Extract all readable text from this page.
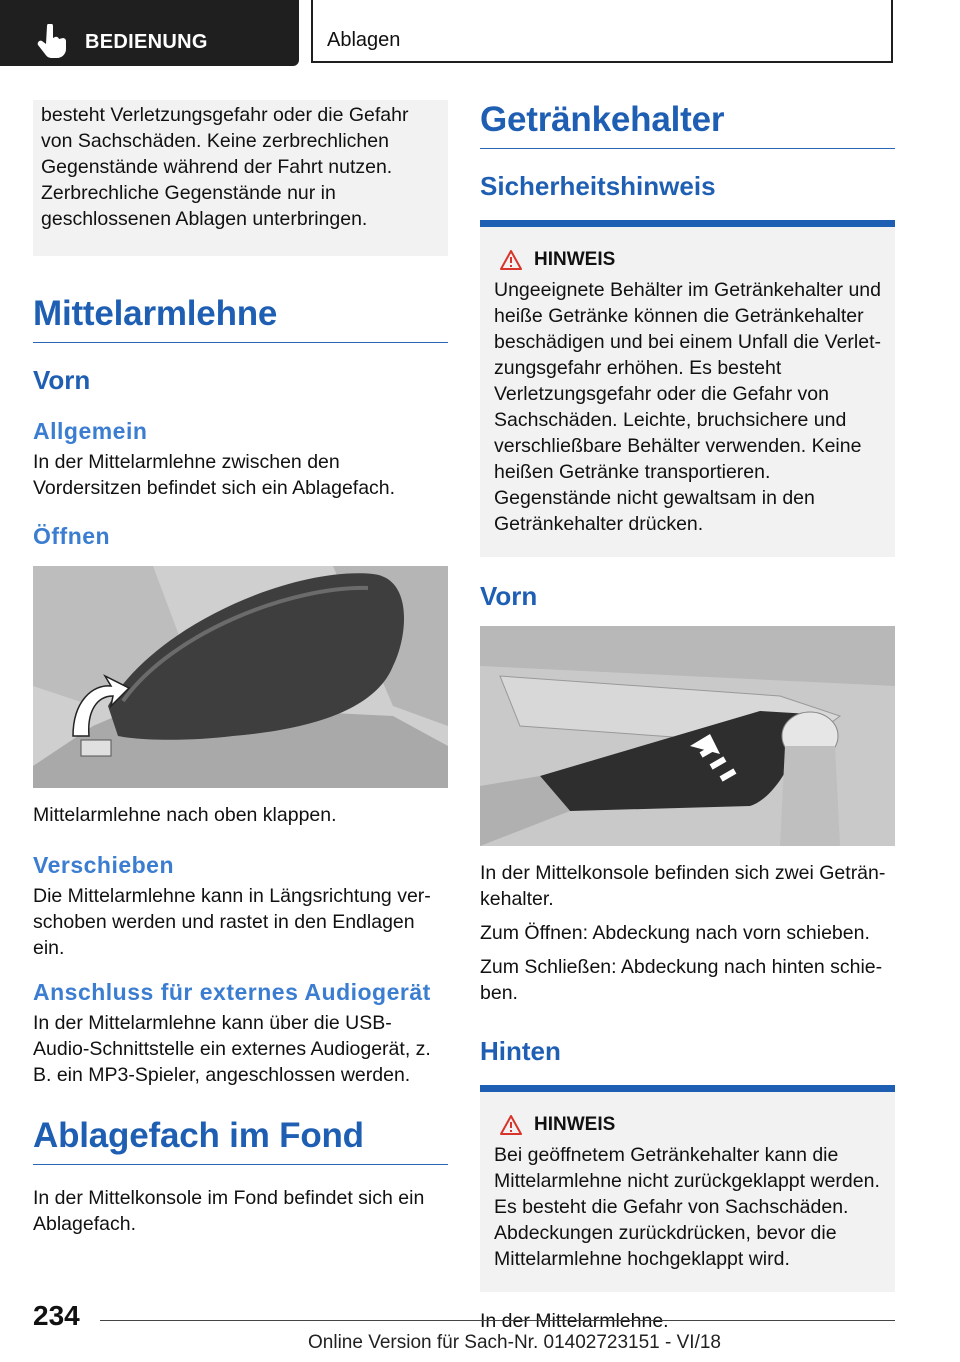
BEDIENUNG	Ablagen
besteht Verletzungsgefahr oder die Gefahr von Sachschäden. Keine zerbrechlichen Gegenstände während der Fahrt nutzen. Zerbrechliche Gegenstände nur in geschlossenen Ablagen unterbringen.
Mittelarmlehne
Vorn
Allgemein

In der Mittelarmlehne zwischen den Vordersitzen befindet sich ein Ablagefach.

Öffnen

Mittelarmlehne nach oben klappen.

Verschieben

Die Mittelarmlehne kann in Längsrichtung verschoben werden und rastet in den Endlagen ein.

Anschluss für externes Audiogerät

In der Mittelarmlehne kann über die USB-Audio-Schnittstelle ein externes Audiogerät, z. B. ein MP3-Spieler, angeschlossen werden.

Ablagefach im Fond

In der Mittelkonsole im Fond befindet sich ein Ablagefach.

Getränkehalter
Sicherheitshinweis
HINWEIS
Ungeeignete Behälter im Getränkehalter und heiße Getränke können die Getränkehalter beschädigen und bei einem Unfall die Verletzungsgefahr erhöhen. Es besteht Verletzungsgefahr oder die Gefahr von Sachschäden. Leichte, bruchsichere und verschließbare Behälter verwenden. Keine heißen Getränke transportieren. Gegenstände nicht gewaltsam in den Getränkehalter drücken.
Vorn

In der Mittelkonsole befinden sich zwei Getränkehalter.

Zum Öffnen: Abdeckung nach vorn schieben.

Zum Schließen: Abdeckung nach hinten schieben.

Hinten
HINWEIS
Bei geöffnetem Getränkehalter kann die Mittelarmlehne nicht zurückgeklappt werden. Es besteht die Gefahr von Sachschäden. Abdeckungen zurückdrücken, bevor die Mittelarmlehne hochgeklappt wird.

In der Mittelarmlehne.

234
Online Version für Sach-Nr. 01402723151 - VI/18
